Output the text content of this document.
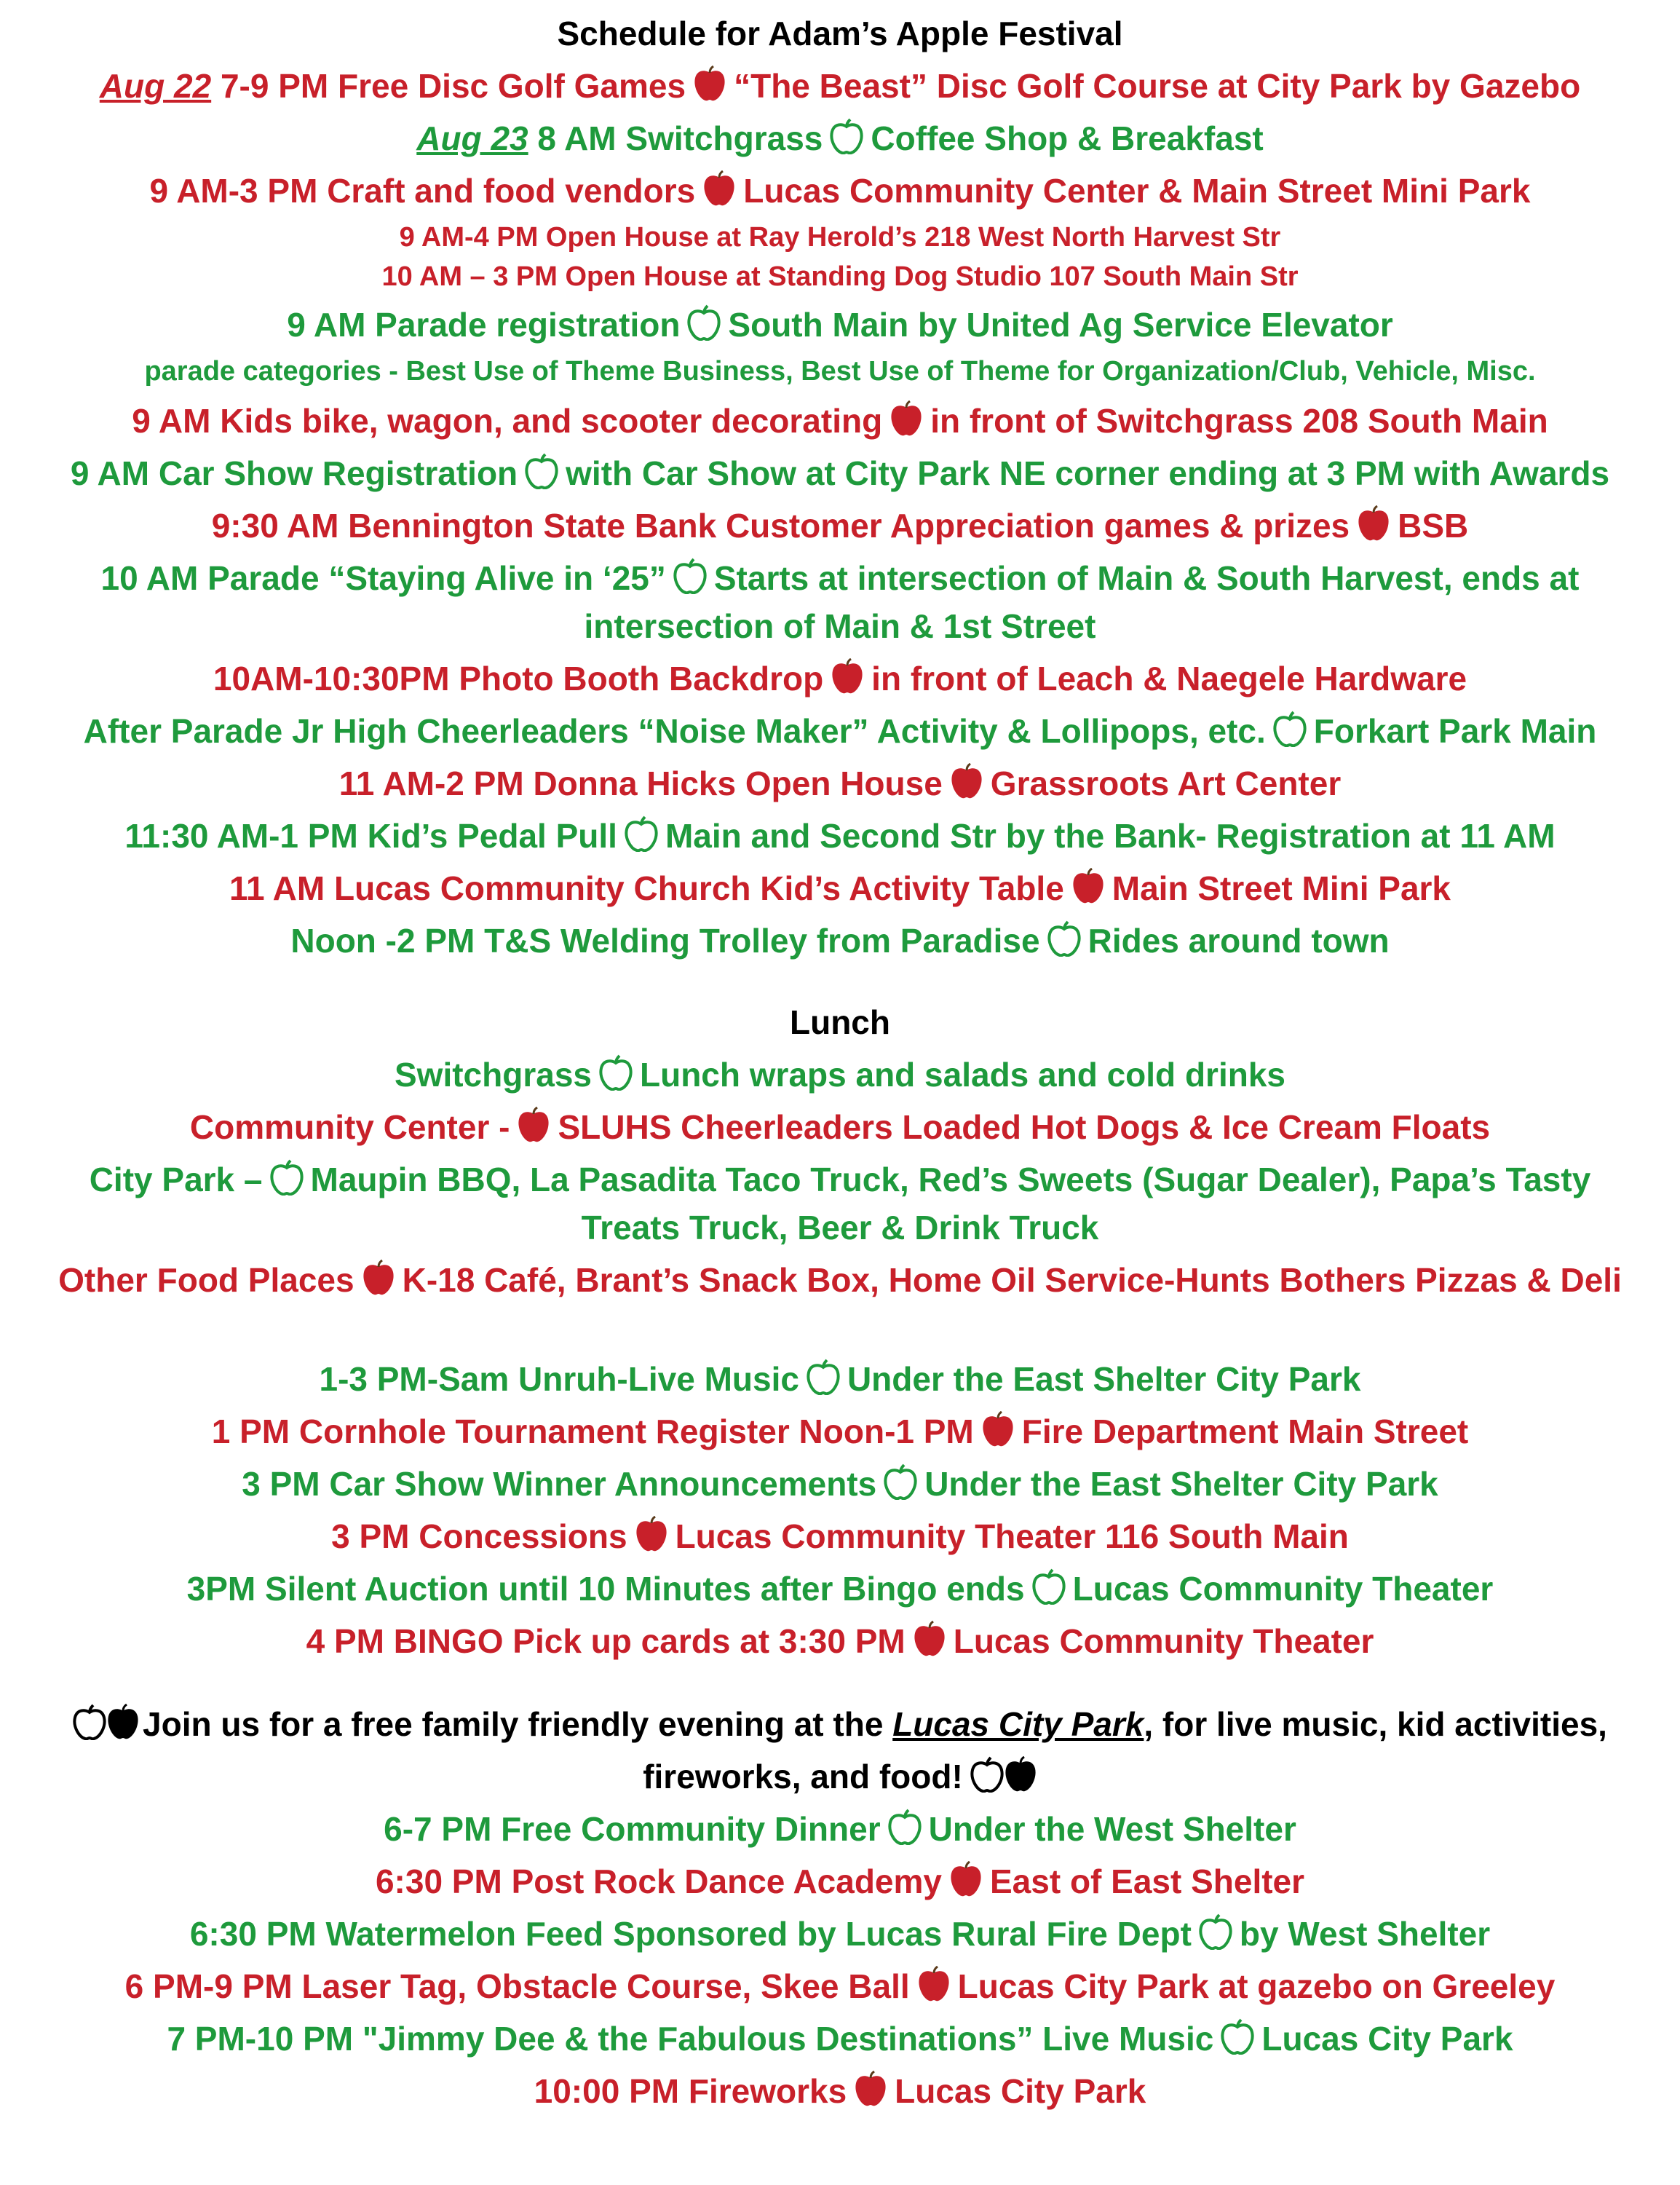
Schedule for Adam’s Apple Festival
Aug 22 7-9 PM Free Disc Golf Games “The Beast” Disc Golf Course at City Park by Gazebo
Aug 23 8 AM Switchgrass Coffee Shop & Breakfast
9 AM-3 PM Craft and food vendors Lucas Community Center & Main Street Mini Park
9 AM-4 PM Open House at Ray Herold’s 218 West North Harvest Str
10 AM – 3 PM Open House at Standing Dog Studio 107 South Main Str
9 AM Parade registration South Main by United Ag Service Elevator
parade categories - Best Use of Theme Business, Best Use of Theme for Organization/Club, Vehicle, Misc.
9 AM Kids bike, wagon, and scooter decorating in front of Switchgrass 208 South Main
9 AM Car Show Registration with Car Show at City Park NE corner ending at 3 PM with Awards
9:30 AM Bennington State Bank Customer Appreciation games & prizes BSB
10 AM Parade “Staying Alive in ‘25” Starts at intersection of Main & South Harvest, ends at
intersection of Main & 1st Street
10AM-10:30PM Photo Booth Backdrop in front of Leach & Naegele Hardware
After Parade Jr High Cheerleaders “Noise Maker” Activity & Lollipops, etc. Forkart Park Main
11 AM-2 PM Donna Hicks Open House Grassroots Art Center
11:30 AM-1 PM Kid’s Pedal Pull Main and Second Str by the Bank- Registration at 11 AM
11 AM Lucas Community Church Kid’s Activity Table Main Street Mini Park
Noon -2 PM T&S Welding Trolley from Paradise Rides around town
Lunch
Switchgrass Lunch wraps and salads and cold drinks
Community Center - SLUHS Cheerleaders Loaded Hot Dogs & Ice Cream Floats
City Park – Maupin BBQ, La Pasadita Taco Truck, Red’s Sweets (Sugar Dealer), Papa’s Tasty
Treats Truck, Beer & Drink Truck
Other Food Places K-18 Café, Brant’s Snack Box, Home Oil Service-Hunts Bothers Pizzas & Deli
1-3 PM-Sam Unruh-Live Music Under the East Shelter City Park
1 PM Cornhole Tournament Register Noon-1 PM Fire Department Main Street
3 PM Car Show Winner Announcements Under the East Shelter City Park
3 PM Concessions Lucas Community Theater 116 South Main
3PM Silent Auction until 10 Minutes after Bingo ends Lucas Community Theater
4 PM BINGO Pick up cards at 3:30 PM Lucas Community Theater
Join us for a free family friendly evening at the Lucas City Park, for live music, kid activities,
fireworks, and food!
6-7 PM Free Community Dinner Under the West Shelter
6:30 PM Post Rock Dance Academy East of East Shelter
6:30 PM Watermelon Feed Sponsored by Lucas Rural Fire Dept by West Shelter
6 PM-9 PM Laser Tag, Obstacle Course, Skee Ball Lucas City Park at gazebo on Greeley
7 PM-10 PM "Jimmy Dee & the Fabulous Destinations” Live Music Lucas City Park
10:00 PM Fireworks Lucas City Park
